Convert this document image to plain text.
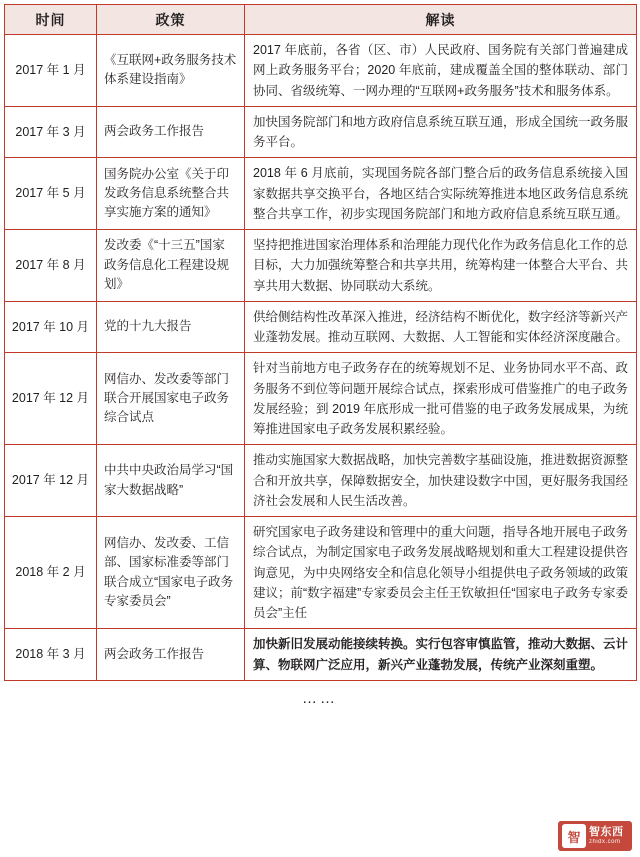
时间	政策	解读
2017 年 1 月	《互联网+政务服务技术体系建设指南》	2017 年底前，各省（区、市）人民政府、国务院有关部门普遍建成网上政务服务平台；2020 年底前，建成覆盖全国的整体联动、部门协同、省级统筹、一网办理的“互联网+政务服务”技术和服务体系。
2017 年 3 月	两会政务工作报告	加快国务院部门和地方政府信息系统互联互通，形成全国统一政务服务平台。
2017 年 5 月	国务院办公室《关于印发政务信息系统整合共享实施方案的通知》	2018 年 6 月底前，实现国务院各部门整合后的政务信息系统接入国家数据共享交换平台，各地区结合实际统筹推进本地区政务信息系统整合共享工作，初步实现国务院部门和地方政府信息系统互联互通。
2017 年 8 月	发改委《“十三五”国家政务信息化工程建设规划》	坚持把推进国家治理体系和治理能力现代化作为政务信息化工作的总目标，大力加强统筹整合和共享共用，统筹构建一体整合大平台、共享共用大数据、协同联动大系统。
2017 年 10 月	党的十九大报告	供给侧结构性改革深入推进，经济结构不断优化，数字经济等新兴产业蓬勃发展。推动互联网、大数据、人工智能和实体经济深度融合。
2017 年 12 月	网信办、发改委等部门联合开展国家电子政务综合试点	针对当前地方电子政务存在的统筹规划不足、业务协同水平不高、政务服务不到位等问题开展综合试点，探索形成可借鉴推广的电子政务发展经验；到 2019 年底形成一批可借鉴的电子政务发展成果，为统筹推进国家电子政务发展积累经验。
2017 年 12 月	中共中央政治局学习“国家大数据战略”	推动实施国家大数据战略，加快完善数字基础设施，推进数据资源整合和开放共享，保障数据安全，加快建设数字中国，更好服务我国经济社会发展和人民生活改善。
2018 年 2 月	网信办、发改委、工信部、国家标准委等部门联合成立“国家电子政务专家委员会”	研究国家电子政务建设和管理中的重大问题，指导各地开展电子政务综合试点，为制定国家电子政务发展战略规划和重大工程建设提供咨询意见，为中央网络安全和信息化领导小组提供电子政务领域的政策建议；前“数字福建”专家委员会主任王钦敏担任“国家电子政务专家委员会”主任
2018 年 3 月	两会政务工作报告	加快新旧发展动能接续转换。实行包容审慎监管，推动大数据、云计算、物联网广泛应用，新兴产业蓬勃发展，传统产业深刻重塑。
……
智 智东西
zhidx.com
